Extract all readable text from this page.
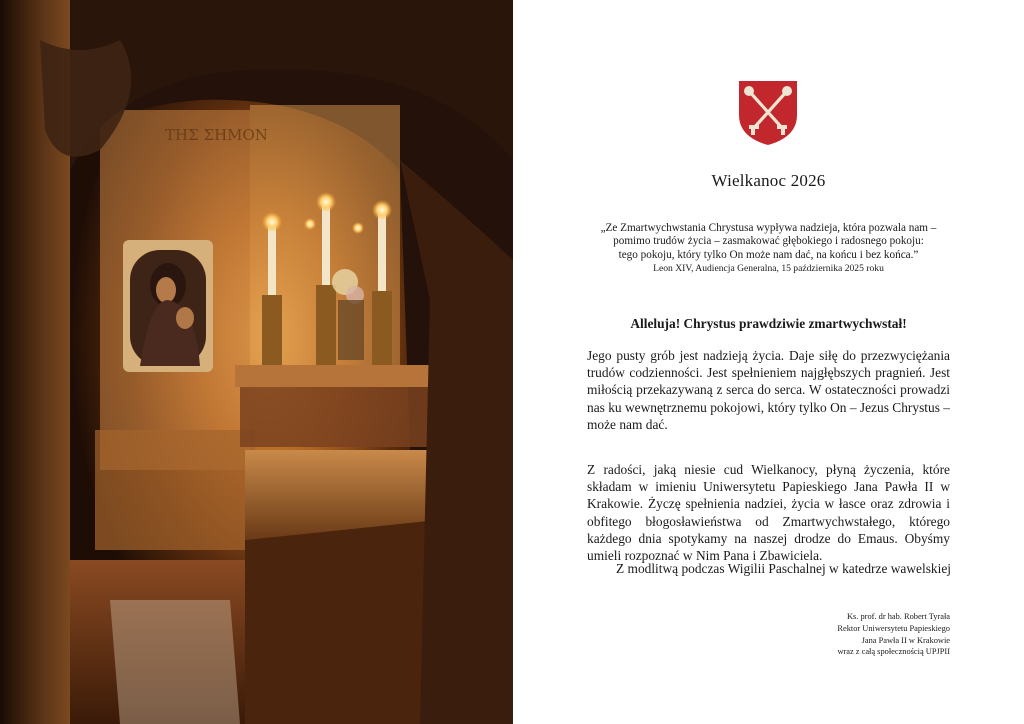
ΤΗΣ ΣΗΜΟΝ
Wielkanoc 2026
„Ze Zmartwychwstania Chrystusa wypływa nadzieja, która pozwala nam –
pomimo trudów życia – zasmakować głębokiego i radosnego pokoju:
tego pokoju, który tylko On może nam dać, na końcu i bez końca.”
Leon XIV, Audiencja Generalna, 15 października 2025 roku
Alleluja! Chrystus prawdziwie zmartwychwstał!

Jego pusty grób jest nadzieją życia. Daje siłę do przezwyciężania trudów codzienności. Jest spełnieniem najgłębszych pragnień. Jest miłością przekazywaną z serca do serca. W ostateczności prowadzi nas ku wewnętrznemu pokojowi, który tylko On – Jezus Chrystus – może nam dać.

Z radości, jaką niesie cud Wielkanocy, płyną życzenia, które składam w imieniu Uniwersytetu Papieskiego Jana Pawła II w Krakowie. Życzę spełnienia nadziei, życia w łasce oraz zdrowia i obfitego błogosławieństwa od Zmartwychwstałego, którego każdego dnia spotykamy na naszej drodze do Emaus. Obyśmy umieli rozpoznać w Nim Pana i Zbawiciela.

Z modlitwą podczas Wigilii Paschalnej w katedrze wawelskiej
Ks. prof. dr hab. Robert Tyrała
Rektor Uniwersytetu Papieskiego
Jana Pawła II w Krakowie
wraz z całą społecznością UPJPII
